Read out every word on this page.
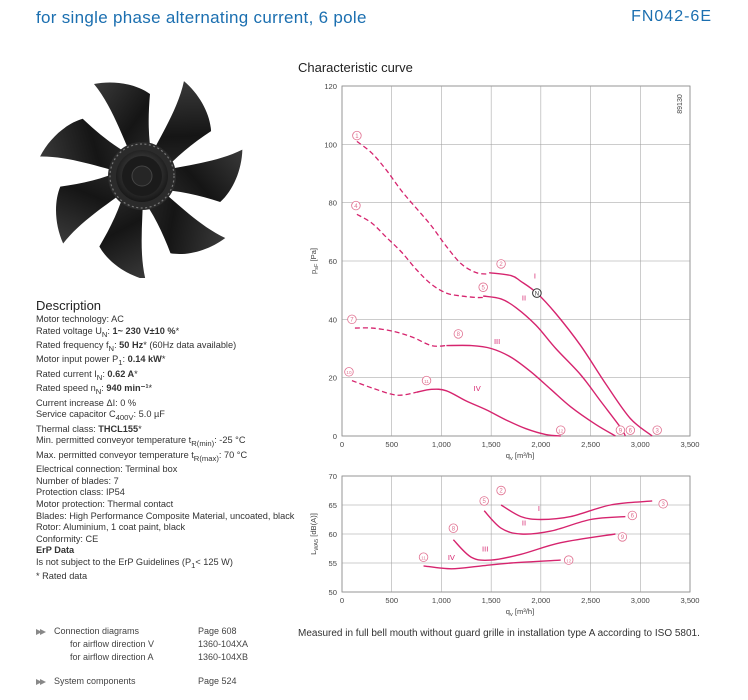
for single phase alternating current, 6 pole	FN042-6E
Description
Motor technology: AC
Rated voltage $U_N$: 1~ 230 V±10 %*
Rated frequency $f_N$: 50 Hz* (60Hz data available)
Motor input power $P_1$: 0.14 kW*
Rated current $I_N$: 0.62 A*
Rated speed $n_N$: 940 min⁻¹*
Current increase ΔI: 0 %
Service capacitor $C_{400V}$: 5.0 µF
Thermal class: THCL155*
Min. permitted conveyor temperature $t_{R(min)}$: -25 °C
Max. permitted conveyor temperature $t_{R(max)}$: 70 °C
Electrical connection: Terminal box
Number of blades: 7
Protection class: IP54
Motor protection: Thermal contact
Blades: High Performance Composite Material, uncoated, black
Rotor: Aluminium, 1 coat paint, black
Conformity: CE
ErP Data
Is not subject to the ErP Guidelines ($P_1< 125$ W)
* Rated data
Characteristic curve
0	500	1,000	1,500	2,000	2,500	3,000	3,500
0
20
40
60
80
100
120
$q_v$ [m³/h]
$p_{sF}$ [Pa]
89130
I
II
III
IV
1
2
3
4
5
6
7
8
9
10
11
12
N
0	500	1,000	1,500	2,000	2,500	3,000	3,500
50
55
60
65
70
$q_v$ [m³/h]
$L_{WA5}$ [dB(A)]
I
II
III
IV
2
3
5
6
8
9
11
12
Measured in full bell mouth without guard grille in installation type A according to ISO 5801.
Connection diagrams	Page 608
for airflow direction V	1360-104XA
for airflow direction A	1360-104XB
System components	Page 524
